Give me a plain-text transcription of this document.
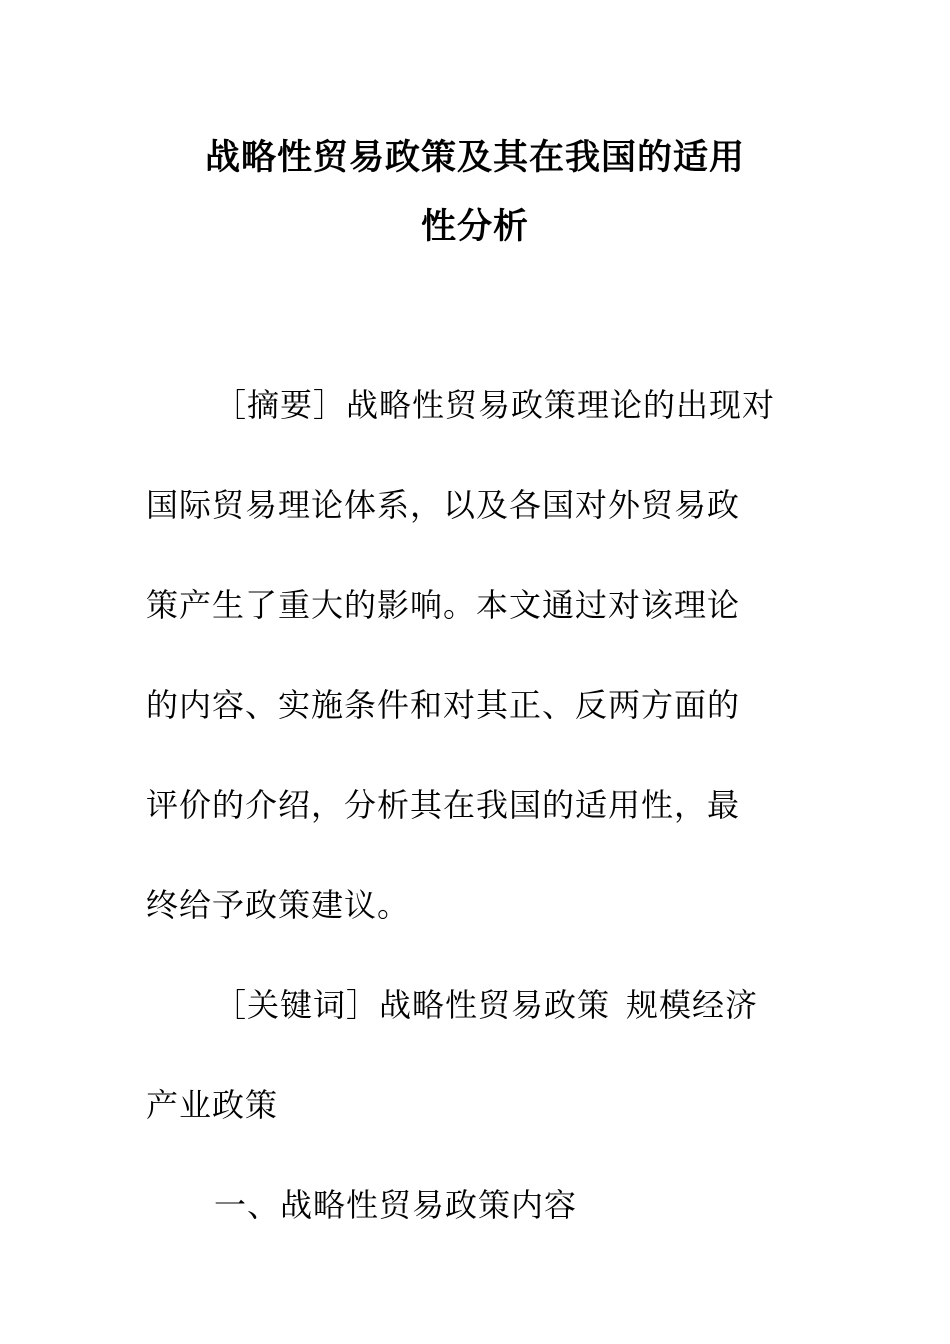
战略性贸易政策及其在我国的适用
性分析
［摘要］战略性贸易政策理论的出现对
国际贸易理论体系，以及各国对外贸易政
策产生了重大的影响。本文通过对该理论
的内容、实施条件和对其正、反两方面的
评价的介绍，分析其在我国的适用性，最
终给予政策建议。
［关键词］战略性贸易政策 规模经济
产业政策
一、战略性贸易政策内容
